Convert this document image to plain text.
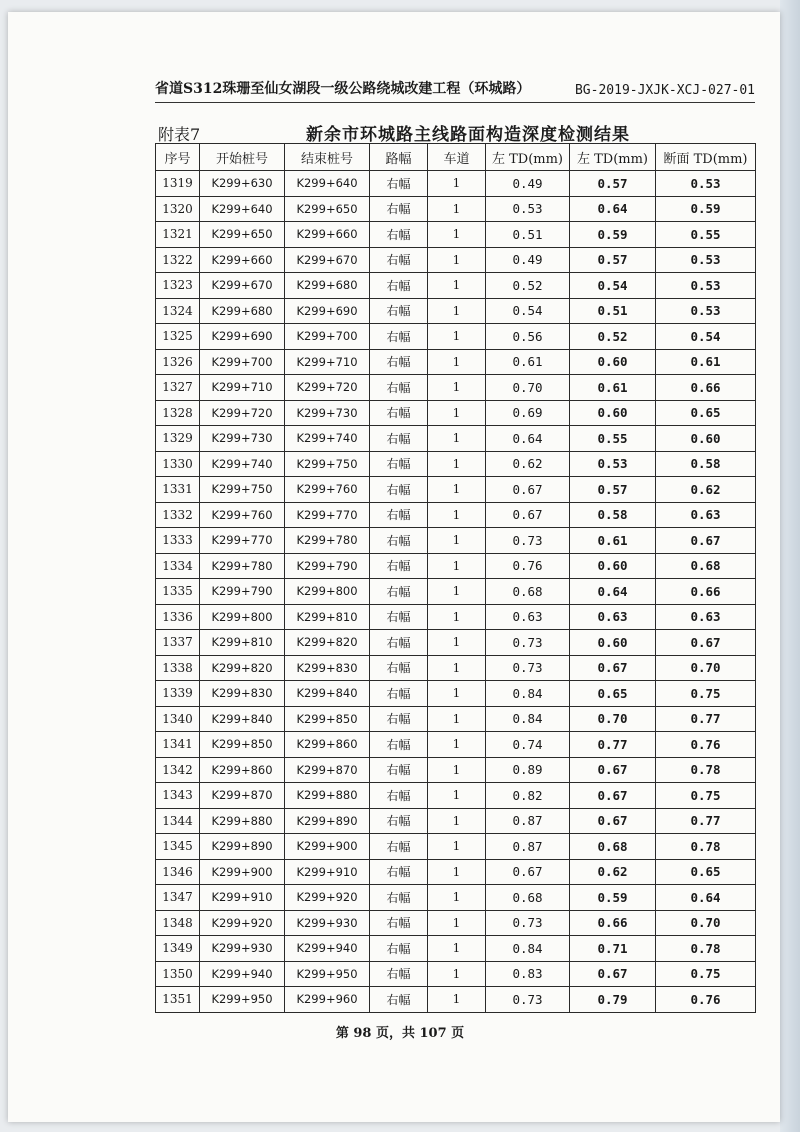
省道S312珠珊至仙女湖段一级公路绕城改建工程（环城路）	BG-2019-JXJK-XCJ-027-01
附表7	新余市环城路主线路面构造深度检测结果
序号	开始桩号	结束桩号	路幅	车道	左 TD(mm)	左 TD(mm)	断面 TD(mm)
1319	K299+630	K299+640	右幅	1	0.49	0.57	0.53
1320	K299+640	K299+650	右幅	1	0.53	0.64	0.59
1321	K299+650	K299+660	右幅	1	0.51	0.59	0.55
1322	K299+660	K299+670	右幅	1	0.49	0.57	0.53
1323	K299+670	K299+680	右幅	1	0.52	0.54	0.53
1324	K299+680	K299+690	右幅	1	0.54	0.51	0.53
1325	K299+690	K299+700	右幅	1	0.56	0.52	0.54
1326	K299+700	K299+710	右幅	1	0.61	0.60	0.61
1327	K299+710	K299+720	右幅	1	0.70	0.61	0.66
1328	K299+720	K299+730	右幅	1	0.69	0.60	0.65
1329	K299+730	K299+740	右幅	1	0.64	0.55	0.60
1330	K299+740	K299+750	右幅	1	0.62	0.53	0.58
1331	K299+750	K299+760	右幅	1	0.67	0.57	0.62
1332	K299+760	K299+770	右幅	1	0.67	0.58	0.63
1333	K299+770	K299+780	右幅	1	0.73	0.61	0.67
1334	K299+780	K299+790	右幅	1	0.76	0.60	0.68
1335	K299+790	K299+800	右幅	1	0.68	0.64	0.66
1336	K299+800	K299+810	右幅	1	0.63	0.63	0.63
1337	K299+810	K299+820	右幅	1	0.73	0.60	0.67
1338	K299+820	K299+830	右幅	1	0.73	0.67	0.70
1339	K299+830	K299+840	右幅	1	0.84	0.65	0.75
1340	K299+840	K299+850	右幅	1	0.84	0.70	0.77
1341	K299+850	K299+860	右幅	1	0.74	0.77	0.76
1342	K299+860	K299+870	右幅	1	0.89	0.67	0.78
1343	K299+870	K299+880	右幅	1	0.82	0.67	0.75
1344	K299+880	K299+890	右幅	1	0.87	0.67	0.77
1345	K299+890	K299+900	右幅	1	0.87	0.68	0.78
1346	K299+900	K299+910	右幅	1	0.67	0.62	0.65
1347	K299+910	K299+920	右幅	1	0.68	0.59	0.64
1348	K299+920	K299+930	右幅	1	0.73	0.66	0.70
1349	K299+930	K299+940	右幅	1	0.84	0.71	0.78
1350	K299+940	K299+950	右幅	1	0.83	0.67	0.75
1351	K299+950	K299+960	右幅	1	0.73	0.79	0.76
第 98 页，共 107 页
